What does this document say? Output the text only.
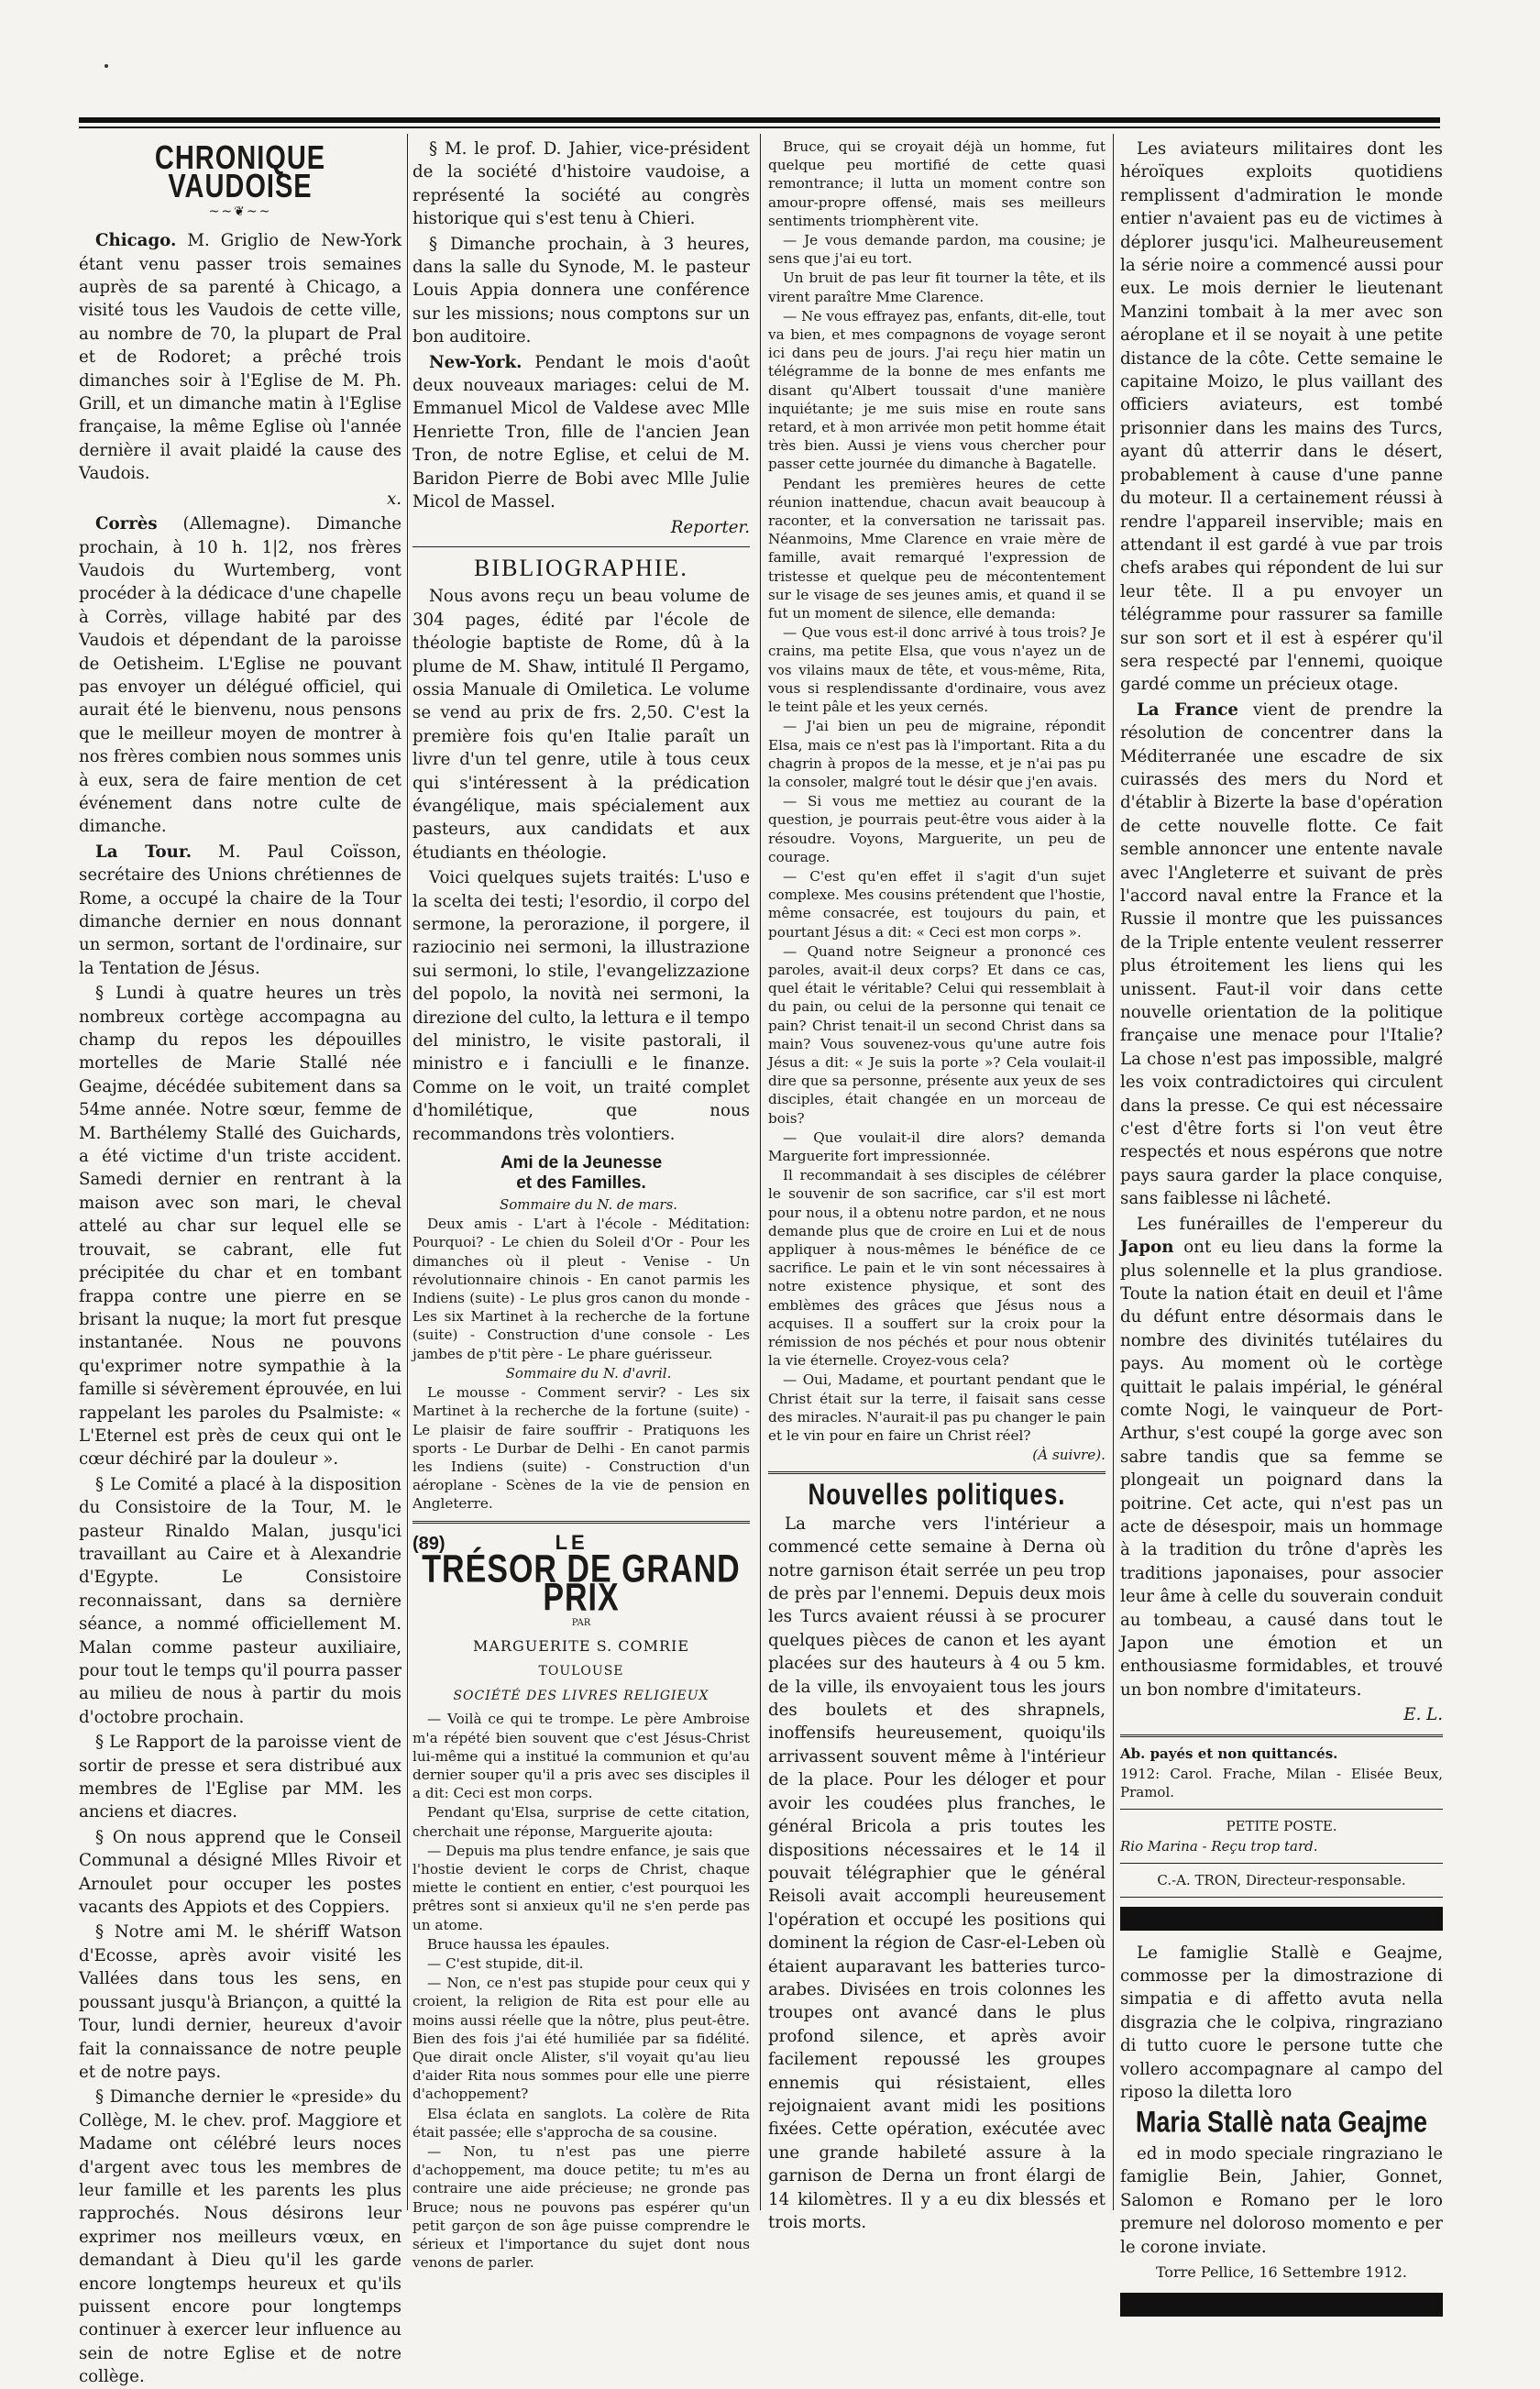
CHRONIQUE VAUDOISE
~~❦~~

Chicago. M. Griglio de New-York étant venu passer trois semaines auprès de sa parenté à Chicago, a visité tous les Vaudois de cette ville, au nombre de 70, la plupart de Pral et de Rodoret; a prêché trois dimanches soir à l'Eglise de M. Ph. Grill, et un dimanche matin à l'Eglise française, la même Eglise où l'année dernière il avait plaidé la cause des Vaudois.

x.

Corrès (Allemagne). Dimanche prochain, à 10 h. 1|2, nos frères Vaudois du Wurtemberg, vont procéder à la dédicace d'une chapelle à Corrès, village habité par des Vaudois et dépendant de la paroisse de Oetisheim. L'Eglise ne pouvant pas envoyer un délégué officiel, qui aurait été le bienvenu, nous pensons que le meilleur moyen de montrer à nos frères combien nous sommes unis à eux, sera de faire mention de cet événement dans notre culte de dimanche.

La Tour. M. Paul Coïsson, secrétaire des Unions chrétiennes de Rome, a occupé la chaire de la Tour dimanche dernier en nous donnant un sermon, sortant de l'ordinaire, sur la Tentation de Jésus.

§ Lundi à quatre heures un très nombreux cortège accompagna au champ du repos les dépouilles mortelles de Marie Stallé née Geajme, décédée subitement dans sa 54me année. Notre sœur, femme de M. Barthélemy Stallé des Guichards, a été victime d'un triste accident. Samedi dernier en rentrant à la maison avec son mari, le cheval attelé au char sur lequel elle se trouvait, se cabrant, elle fut précipitée du char et en tombant frappa contre une pierre en se brisant la nuque; la mort fut presque instantanée. Nous ne pouvons qu'exprimer notre sympathie à la famille si sévèrement éprouvée, en lui rappelant les paroles du Psalmiste: « L'Eternel est près de ceux qui ont le cœur déchiré par la douleur ».

§ Le Comité a placé à la disposition du Consistoire de la Tour, M. le pasteur Rinaldo Malan, jusqu'ici travaillant au Caire et à Alexandrie d'Egypte. Le Consistoire reconnaissant, dans sa dernière séance, a nommé officiellement M. Malan comme pasteur auxiliaire, pour tout le temps qu'il pourra passer au milieu de nous à partir du mois d'octobre prochain.

§ Le Rapport de la paroisse vient de sortir de presse et sera distribué aux membres de l'Eglise par MM. les anciens et diacres.

§ On nous apprend que le Conseil Communal a désigné Mlles Rivoir et Arnoulet pour occuper les postes vacants des Appiots et des Coppiers.

§ Notre ami M. le shériff Watson d'Ecosse, après avoir visité les Vallées dans tous les sens, en poussant jusqu'à Briançon, a quitté la Tour, lundi dernier, heureux d'avoir fait la connaissance de notre peuple et de notre pays.

§ Dimanche dernier le «preside» du Collège, M. le chev. prof. Maggiore et Madame ont célébré leurs noces d'argent avec tous les membres de leur famille et les parents les plus rapprochés. Nous désirons leur exprimer nos meilleurs vœux, en demandant à Dieu qu'il les garde encore longtemps heureux et qu'ils puissent encore pour longtemps continuer à exercer leur influence au sein de notre Eglise et de notre collège.

§ M. le prof. D. Jahier, vice-président de la société d'histoire vaudoise, a représenté la société au congrès historique qui s'est tenu à Chieri.

§ Dimanche prochain, à 3 heures, dans la salle du Synode, M. le pasteur Louis Appia donnera une conférence sur les missions; nous comptons sur un bon auditoire.

New-York. Pendant le mois d'août deux nouveaux mariages: celui de M. Emmanuel Micol de Valdese avec Mlle Henriette Tron, fille de l'ancien Jean Tron, de notre Eglise, et celui de M. Baridon Pierre de Bobi avec Mlle Julie Micol de Massel.

Reporter.

BIBLIOGRAPHIE.

Nous avons reçu un beau volume de 304 pages, édité par l'école de théologie baptiste de Rome, dû à la plume de M. Shaw, intitulé Il Pergamo, ossia Manuale di Omiletica. Le volume se vend au prix de frs. 2,50. C'est la première fois qu'en Italie paraît un livre d'un tel genre, utile à tous ceux qui s'intéressent à la prédication évangélique, mais spécialement aux pasteurs, aux candidats et aux étudiants en théologie.

Voici quelques sujets traités: L'uso e la scelta dei testi; l'esordio, il corpo del sermone, la perorazione, il porgere, il raziocinio nei sermoni, la illustrazione sui sermoni, lo stile, l'evangelizzazione del popolo, la novità nei sermoni, la direzione del culto, la lettura e il tempo del ministro, le visite pastorali, il ministro e i fanciulli e le finanze. Comme on le voit, un traité complet d'homilétique, que nous recommandons très volontiers.

Ami de la Jeunesse
et des Familles.

Sommaire du N. de mars.

Deux amis - L'art à l'école - Méditation: Pourquoi? - Le chien du Soleil d'Or - Pour les dimanches où il pleut - Venise - Un révolutionnaire chinois - En canot parmis les Indiens (suite) - Le plus gros canon du monde - Les six Martinet à la recherche de la fortune (suite) - Construction d'une console - Les jambes de p'tit père - Le phare guérisseur.

Sommaire du N. d'avril.

Le mousse - Comment servir? - Les six Martinet à la recherche de la fortune (suite) - Le plaisir de faire souffrir - Pratiquons les sports - Le Durbar de Delhi - En canot parmis les Indiens (suite) - Construction d'un aéroplane - Scènes de la vie de pension en Angleterre.

(89)	LE
TRÉSOR DE GRAND PRIX

PAR

MARGUERITE S. COMRIE

TOULOUSE

SOCIÉTÉ DES LIVRES RELIGIEUX

— Voilà ce qui te trompe. Le père Ambroise m'a répété bien souvent que c'est Jésus-Christ lui-même qui a institué la communion et qu'au dernier souper qu'il a pris avec ses disciples il a dit: Ceci est mon corps.

Pendant qu'Elsa, surprise de cette citation, cherchait une réponse, Marguerite ajouta:

— Depuis ma plus tendre enfance, je sais que l'hostie devient le corps de Christ, chaque miette le contient en entier, c'est pourquoi les prêtres sont si anxieux qu'il ne s'en perde pas un atome.

Bruce haussa les épaules.

— C'est stupide, dit-il.

— Non, ce n'est pas stupide pour ceux qui y croient, la religion de Rita est pour elle au moins aussi réelle que la nôtre, plus peut-être. Bien des fois j'ai été humiliée par sa fidélité. Que dirait oncle Alister, s'il voyait qu'au lieu d'aider Rita nous sommes pour elle une pierre d'achoppement?

Elsa éclata en sanglots. La colère de Rita était passée; elle s'approcha de sa cousine.

— Non, tu n'est pas une pierre d'achoppement, ma douce petite; tu m'es au contraire une aide précieuse; ne gronde pas Bruce; nous ne pouvons pas espérer qu'un petit garçon de son âge puisse comprendre le sérieux et l'importance du sujet dont nous venons de parler.

Bruce, qui se croyait déjà un homme, fut quelque peu mortifié de cette quasi remontrance; il lutta un moment contre son amour-propre offensé, mais ses meilleurs sentiments triomphèrent vite.

— Je vous demande pardon, ma cousine; je sens que j'ai eu tort.

Un bruit de pas leur fit tourner la tête, et ils virent paraître Mme Clarence.

— Ne vous effrayez pas, enfants, dit-elle, tout va bien, et mes compagnons de voyage seront ici dans peu de jours. J'ai reçu hier matin un télégramme de la bonne de mes enfants me disant qu'Albert toussait d'une manière inquiétante; je me suis mise en route sans retard, et à mon arrivée mon petit homme était très bien. Aussi je viens vous chercher pour passer cette journée du dimanche à Bagatelle.

Pendant les premières heures de cette réunion inattendue, chacun avait beaucoup à raconter, et la conversation ne tarissait pas. Néanmoins, Mme Clarence en vraie mère de famille, avait remarqué l'expression de tristesse et quelque peu de mécontentement sur le visage de ses jeunes amis, et quand il se fut un moment de silence, elle demanda:

— Que vous est-il donc arrivé à tous trois? Je crains, ma petite Elsa, que vous n'ayez un de vos vilains maux de tête, et vous-même, Rita, vous si resplendissante d'ordinaire, vous avez le teint pâle et les yeux cernés.

— J'ai bien un peu de migraine, répondit Elsa, mais ce n'est pas là l'important. Rita a du chagrin à propos de la messe, et je n'ai pas pu la consoler, malgré tout le désir que j'en avais.

— Si vous me mettiez au courant de la question, je pourrais peut-être vous aider à la résoudre. Voyons, Marguerite, un peu de courage.

— C'est qu'en effet il s'agit d'un sujet complexe. Mes cousins prétendent que l'hostie, même consacrée, est toujours du pain, et pourtant Jésus a dit: « Ceci est mon corps ».

— Quand notre Seigneur a prononcé ces paroles, avait-il deux corps? Et dans ce cas, quel était le véritable? Celui qui ressemblait à du pain, ou celui de la personne qui tenait ce pain? Christ tenait-il un second Christ dans sa main? Vous souvenez-vous qu'une autre fois Jésus a dit: « Je suis la porte »? Cela voulait-il dire que sa personne, présente aux yeux de ses disciples, était changée en un morceau de bois?

— Que voulait-il dire alors? demanda Marguerite fort impressionnée.

Il recommandait à ses disciples de célébrer le souvenir de son sacrifice, car s'il est mort pour nous, il a obtenu notre pardon, et ne nous demande plus que de croire en Lui et de nous appliquer à nous-mêmes le bénéfice de ce sacrifice. Le pain et le vin sont nécessaires à notre existence physique, et sont des emblèmes des grâces que Jésus nous a acquises. Il a souffert sur la croix pour la rémission de nos péchés et pour nous obtenir la vie éternelle. Croyez-vous cela?

— Oui, Madame, et pourtant pendant que le Christ était sur la terre, il faisait sans cesse des miracles. N'aurait-il pas pu changer le pain et le vin pour en faire un Christ réel?

(À suivre).

Nouvelles politiques.

La marche vers l'intérieur a commencé cette semaine à Derna où notre garnison était serrée un peu trop de près par l'ennemi. Depuis deux mois les Turcs avaient réussi à se procurer quelques pièces de canon et les ayant placées sur des hauteurs à 4 ou 5 km. de la ville, ils envoyaient tous les jours des boulets et des shrapnels, inoffensifs heureusement, quoiqu'ils arrivassent souvent même à l'intérieur de la place. Pour les déloger et pour avoir les coudées plus franches, le général Bricola a pris toutes les dispositions nécessaires et le 14 il pouvait télégraphier que le général Reisoli avait accompli heureusement l'opération et occupé les positions qui dominent la région de Casr-el-Leben où étaient auparavant les batteries turco-arabes. Divisées en trois colonnes les troupes ont avancé dans le plus profond silence, et après avoir facilement repoussé les groupes ennemis qui résistaient, elles rejoignaient avant midi les positions fixées. Cette opération, exécutée avec une grande habileté assure à la garnison de Derna un front élargi de 14 kilomètres. Il y a eu dix blessés et trois morts.

Les aviateurs militaires dont les héroïques exploits quotidiens remplissent d'admiration le monde entier n'avaient pas eu de victimes à déplorer jusqu'ici. Malheureusement la série noire a commencé aussi pour eux. Le mois dernier le lieutenant Manzini tombait à la mer avec son aéroplane et il se noyait à une petite distance de la côte. Cette semaine le capitaine Moizo, le plus vaillant des officiers aviateurs, est tombé prisonnier dans les mains des Turcs, ayant dû atterrir dans le désert, probablement à cause d'une panne du moteur. Il a certainement réussi à rendre l'appareil inservible; mais en attendant il est gardé à vue par trois chefs arabes qui répondent de lui sur leur tête. Il a pu envoyer un télégramme pour rassurer sa famille sur son sort et il est à espérer qu'il sera respecté par l'ennemi, quoique gardé comme un précieux otage.

La France vient de prendre la résolution de concentrer dans la Méditerranée une escadre de six cuirassés des mers du Nord et d'établir à Bizerte la base d'opération de cette nouvelle flotte. Ce fait semble annoncer une entente navale avec l'Angleterre et suivant de près l'accord naval entre la France et la Russie il montre que les puissances de la Triple entente veulent resserrer plus étroitement les liens qui les unissent. Faut-il voir dans cette nouvelle orientation de la politique française une menace pour l'Italie? La chose n'est pas impossible, malgré les voix contradictoires qui circulent dans la presse. Ce qui est nécessaire c'est d'être forts si l'on veut être respectés et nous espérons que notre pays saura garder la place conquise, sans faiblesse ni lâcheté.

Les funérailles de l'empereur du Japon ont eu lieu dans la forme la plus solennelle et la plus grandiose. Toute la nation était en deuil et l'âme du défunt entre désormais dans le nombre des divinités tutélaires du pays. Au moment où le cortège quittait le palais impérial, le général comte Nogi, le vainqueur de Port-Arthur, s'est coupé la gorge avec son sabre tandis que sa femme se plongeait un poignard dans la poitrine. Cet acte, qui n'est pas un acte de désespoir, mais un hommage à la tradition du trône d'après les traditions japonaises, pour associer leur âme à celle du souverain conduit au tombeau, a causé dans tout le Japon une émotion et un enthousiasme formidables, et trouvé un bon nombre d'imitateurs.

E. L.

Ab. payés et non quittancés.

1912: Carol. Frache, Milan - Elisée Beux, Pramol.

PETITE POSTE.

Rio Marina - Reçu trop tard.

C.-A. TRON, Directeur-responsable.

Le famiglie Stallè e Geajme, commosse per la dimostrazione di simpatia e di affetto avuta nella disgrazia che le colpiva, ringraziano di tutto cuore le persone tutte che vollero accompagnare al campo del riposo la diletta loro

Maria Stallè nata Geajme

ed in modo speciale ringraziano le famiglie Bein, Jahier, Gonnet, Salomon e Romano per le loro premure nel doloroso momento e per le corone inviate.

Torre Pellice, 16 Settembre 1912.
